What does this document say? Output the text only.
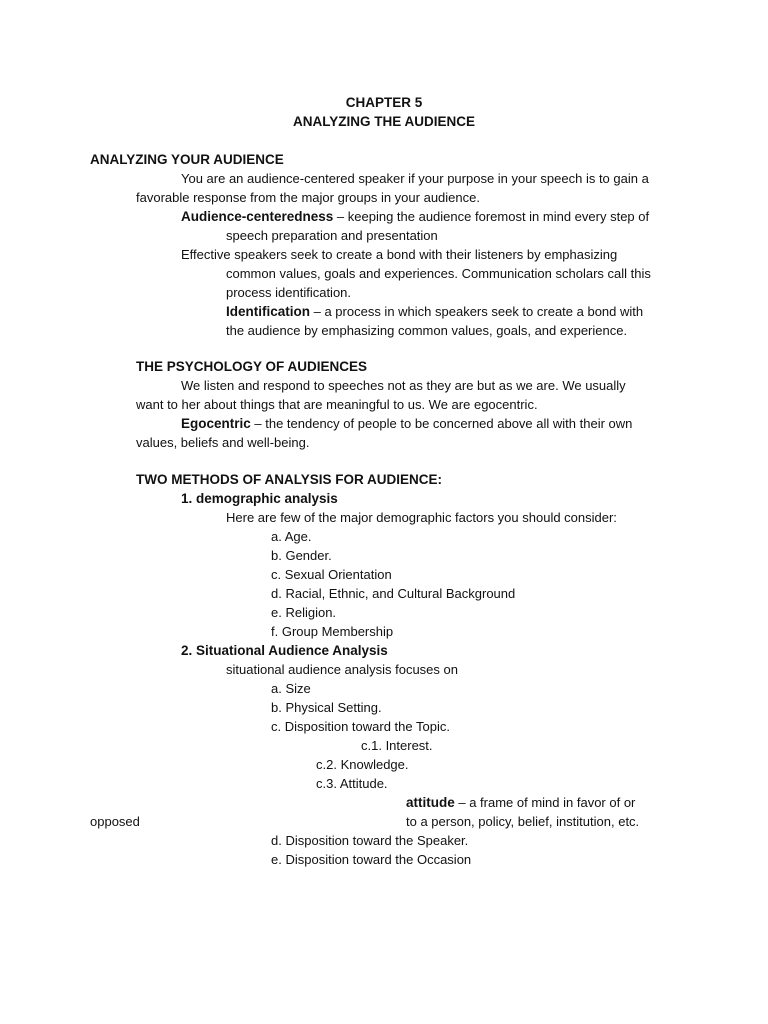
CHAPTER 5
ANALYZING THE AUDIENCE
ANALYZING YOUR AUDIENCE
You are an audience-centered speaker if your purpose in your speech is to gain a
favorable response from the major groups in your audience.
Audience-centeredness – keeping the audience foremost in mind every step of
speech preparation and presentation
Effective speakers seek to create a bond with their listeners by emphasizing
common values, goals and experiences. Communication scholars call this
process identification.
Identification – a process in which speakers seek to create a bond with
the audience by emphasizing common values, goals, and experience.
THE PSYCHOLOGY OF AUDIENCES
We listen and respond to speeches not as they are but as we are. We usually
want to her about things that are meaningful to us. We are egocentric.
Egocentric – the tendency of people to be concerned above all with their own
values, beliefs and well-being.
TWO METHODS OF ANALYSIS FOR AUDIENCE:
1. demographic analysis
Here are few of the major demographic factors you should consider:
a. Age.
b. Gender.
c. Sexual Orientation
d. Racial, Ethnic, and Cultural Background
e. Religion.
f. Group Membership
2. Situational Audience Analysis
situational audience analysis focuses on
a. Size
b. Physical Setting.
c. Disposition toward the Topic.
c.1. Interest.
c.2. Knowledge.
c.3. Attitude.
attitude – a frame of mind in favor of or
opposed	to a person, policy, belief, institution, etc.
d. Disposition toward the Speaker.
e. Disposition toward the Occasion
